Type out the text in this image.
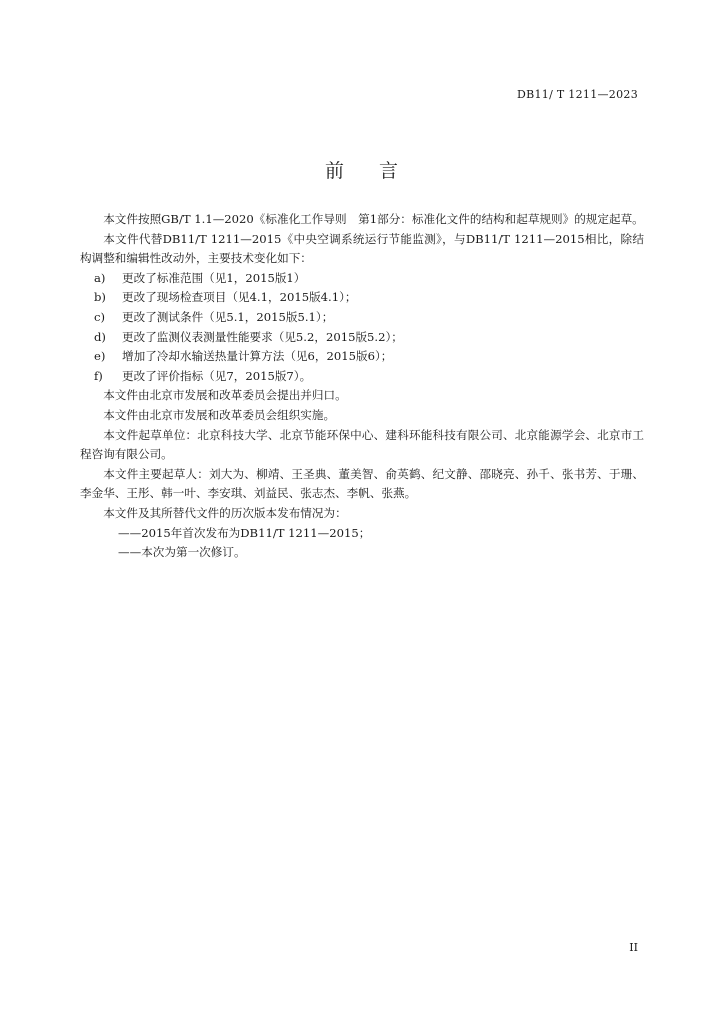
DB11/ T 1211—2023
前 言

本文件按照GB/T 1.1—2020《标准化工作导则　第1部分：标准化文件的结构和起草规则》的规定起草。

本文件代替DB11/T 1211—2015《中央空调系统运行节能监测》，与DB11/T 1211—2015相比，除结构调整和编辑性改动外，主要技术变化如下：

a) 更改了标准范围（见1，2015版1）

b) 更改了现场检查项目（见4.1，2015版4.1）；

c) 更改了测试条件（见5.1，2015版5.1）；

d) 更改了监测仪表测量性能要求（见5.2，2015版5.2）；

e) 增加了冷却水输送热量计算方法（见6，2015版6）；

f) 更改了评价指标（见7，2015版7）。

本文件由北京市发展和改革委员会提出并归口。

本文件由北京市发展和改革委员会组织实施。

本文件起草单位：北京科技大学、北京节能环保中心、建科环能科技有限公司、北京能源学会、北京市工程咨询有限公司。

本文件主要起草人：刘大为、柳靖、王圣典、董美智、俞英鹤、纪文静、邵晓亮、孙千、张书芳、于珊、李金华、王彤、韩一叶、李安琪、刘益民、张志杰、李帆、张燕。

本文件及其所替代文件的历次版本发布情况为：

——2015年首次发布为DB11/T 1211—2015；

——本次为第一次修订。

II
